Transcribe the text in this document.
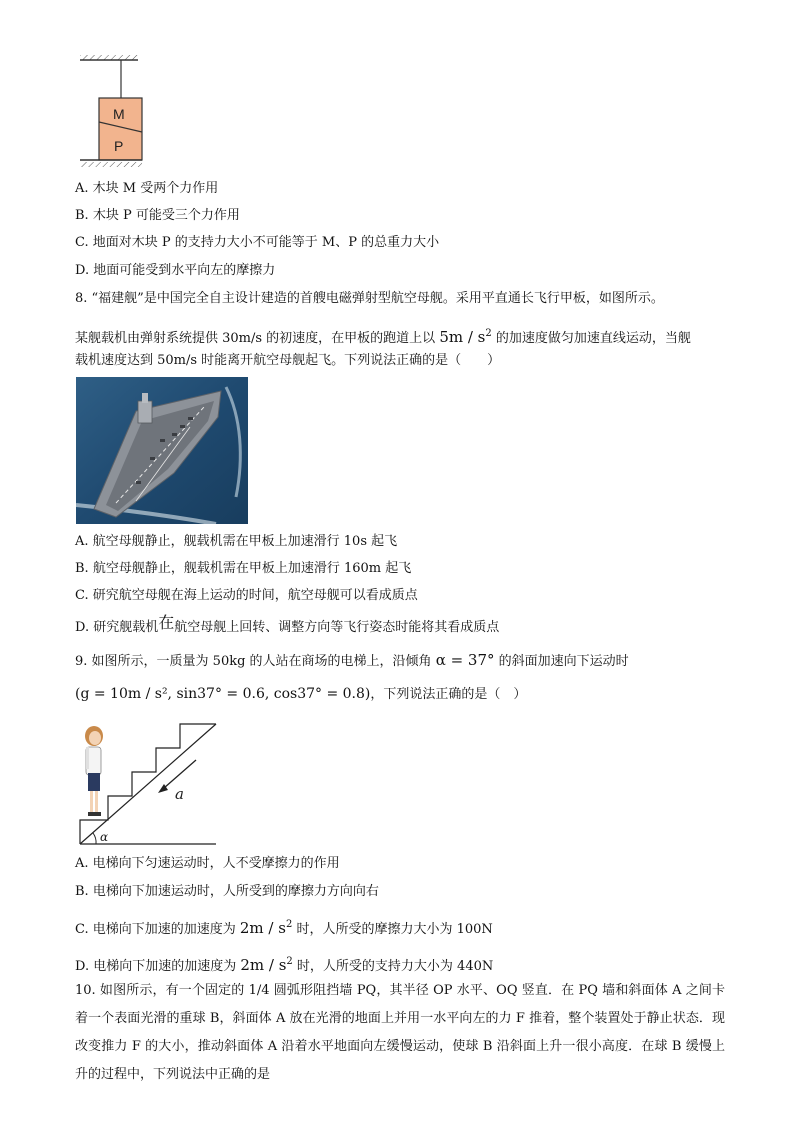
M
P
A. 木块 M 受两个力作用
B. 木块 P 可能受三个力作用
C. 地面对木块 P 的支持力大小不可能等于 M、P 的总重力大小
D. 地面可能受到水平向左的摩擦力
8. “福建舰”是中国完全自主设计建造的首艘电磁弹射型航空母舰。采用平直通长飞行甲板，如图所示。
某舰载机由弹射系统提供 30m/s 的初速度，在甲板的跑道上以 $5m / s^2$ 的加速度做匀加速直线运动，当舰
载机速度达到 50m/s 时能离开航空母舰起飞。下列说法正确的是（　　）
A. 航空母舰静止，舰载机需在甲板上加速滑行 10s 起飞
B. 航空母舰静止，舰载机需在甲板上加速滑行 160m 起飞
C. 研究航空母舰在海上运动的时间，航空母舰可以看成质点
D. 研究舰载机在航空母舰上回转、调整方向等飞行姿态时能将其看成质点
9. 如图所示，一质量为 50kg 的人站在商场的电梯上，沿倾角 α = 37° 的斜面加速向下运动时
(g = 10m / s², sin37° = 0.6, cos37° = 0.8)，下列说法正确的是（　）
a
α
A. 电梯向下匀速运动时，人不受摩擦力的作用
B. 电梯向下加速运动时，人所受到的摩擦力方向向右
C. 电梯向下加速的加速度为 $2m / s^2$ 时，人所受的摩擦力大小为 100N
D. 电梯向下加速的加速度为 $2m / s^2$ 时，人所受的支持力大小为 440N

10. 如图所示，有一个固定的 1/4 圆弧形阻挡墙 PQ，其半径 OP 水平、OQ 竖直．在 PQ 墙和斜面体 A 之间卡着一个表面光滑的重球 B，斜面体 A 放在光滑的地面上并用一水平向左的力 F 推着，整个装置处于静止状态．现改变推力 F 的大小，推动斜面体 A 沿着水平地面向左缓慢运动，使球 B 沿斜面上升一很小高度．在球 B 缓慢上升的过程中，下列说法中正确的是
